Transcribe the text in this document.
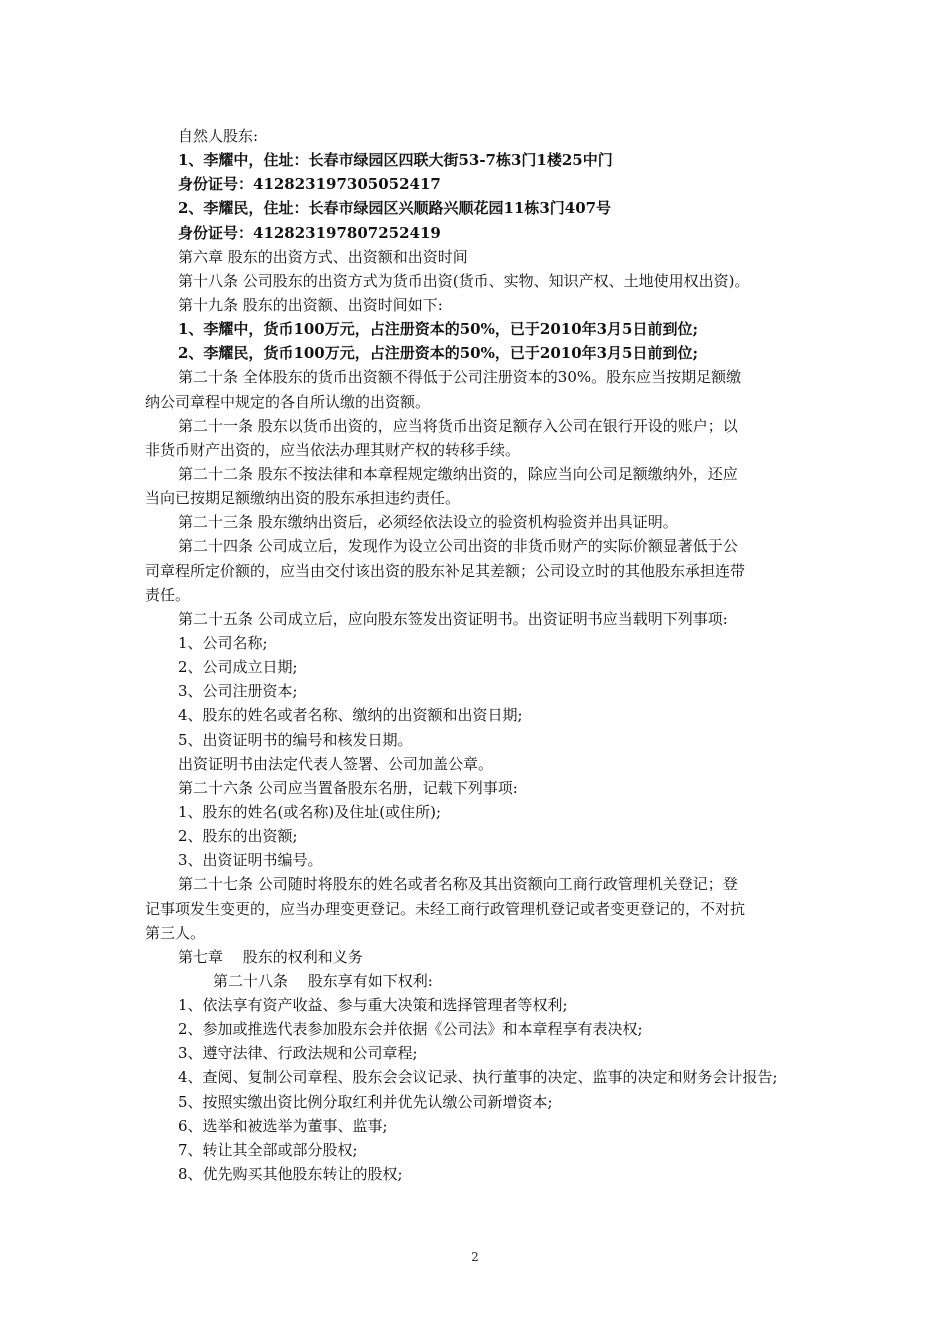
自然人股东:
1、李耀中，住址：长春市绿园区四联大街53-7栋3门1楼25中门
身份证号：412823197305052417
2、李耀民，住址：长春市绿园区兴顺路兴顺花园11栋3门407号
身份证号：412823197807252419
第六章 股东的出资方式、出资额和出资时间
第十八条 公司股东的出资方式为货币出资(货币、实物、知识产权、土地使用权出资)。
第十九条 股东的出资额、出资时间如下:
1、李耀中，货币100万元，占注册资本的50%，已于2010年3月5日前到位;
2、李耀民，货币100万元，占注册资本的50%，已于2010年3月5日前到位;
第二十条 全体股东的货币出资额不得低于公司注册资本的30%。股东应当按期足额缴
纳公司章程中规定的各自所认缴的出资额。
第二十一条 股东以货币出资的，应当将货币出资足额存入公司在银行开设的账户；以
非货币财产出资的，应当依法办理其财产权的转移手续。
第二十二条 股东不按法律和本章程规定缴纳出资的，除应当向公司足额缴纳外，还应
当向已按期足额缴纳出资的股东承担违约责任。
第二十三条 股东缴纳出资后，必须经依法设立的验资机构验资并出具证明。
第二十四条 公司成立后，发现作为设立公司出资的非货币财产的实际价额显著低于公
司章程所定价额的，应当由交付该出资的股东补足其差额；公司设立时的其他股东承担连带
责任。
第二十五条 公司成立后，应向股东签发出资证明书。出资证明书应当载明下列事项:
1、公司名称;
2、公司成立日期;
3、公司注册资本;
4、股东的姓名或者名称、缴纳的出资额和出资日期;
5、出资证明书的编号和核发日期。
出资证明书由法定代表人签署、公司加盖公章。
第二十六条 公司应当置备股东名册，记载下列事项:
1、股东的姓名(或名称)及住址(或住所);
2、股东的出资额;
3、出资证明书编号。
第二十七条 公司随时将股东的姓名或者名称及其出资额向工商行政管理机关登记；登
记事项发生变更的，应当办理变更登记。未经工商行政管理机登记或者变更登记的，不对抗
第三人。
第七章　 股东的权利和义务
第二十八条　 股东享有如下权利:
1、依法享有资产收益、参与重大决策和选择管理者等权利;
2、参加或推选代表参加股东会并依据《公司法》和本章程享有表决权;
3、遵守法律、行政法规和公司章程;
4、查阅、复制公司章程、股东会会议记录、执行董事的决定、监事的决定和财务会计报告;
5、按照实缴出资比例分取红利并优先认缴公司新增资本;
6、选举和被选举为董事、监事;
7、转让其全部或部分股权;
8、优先购买其他股东转让的股权;
2
